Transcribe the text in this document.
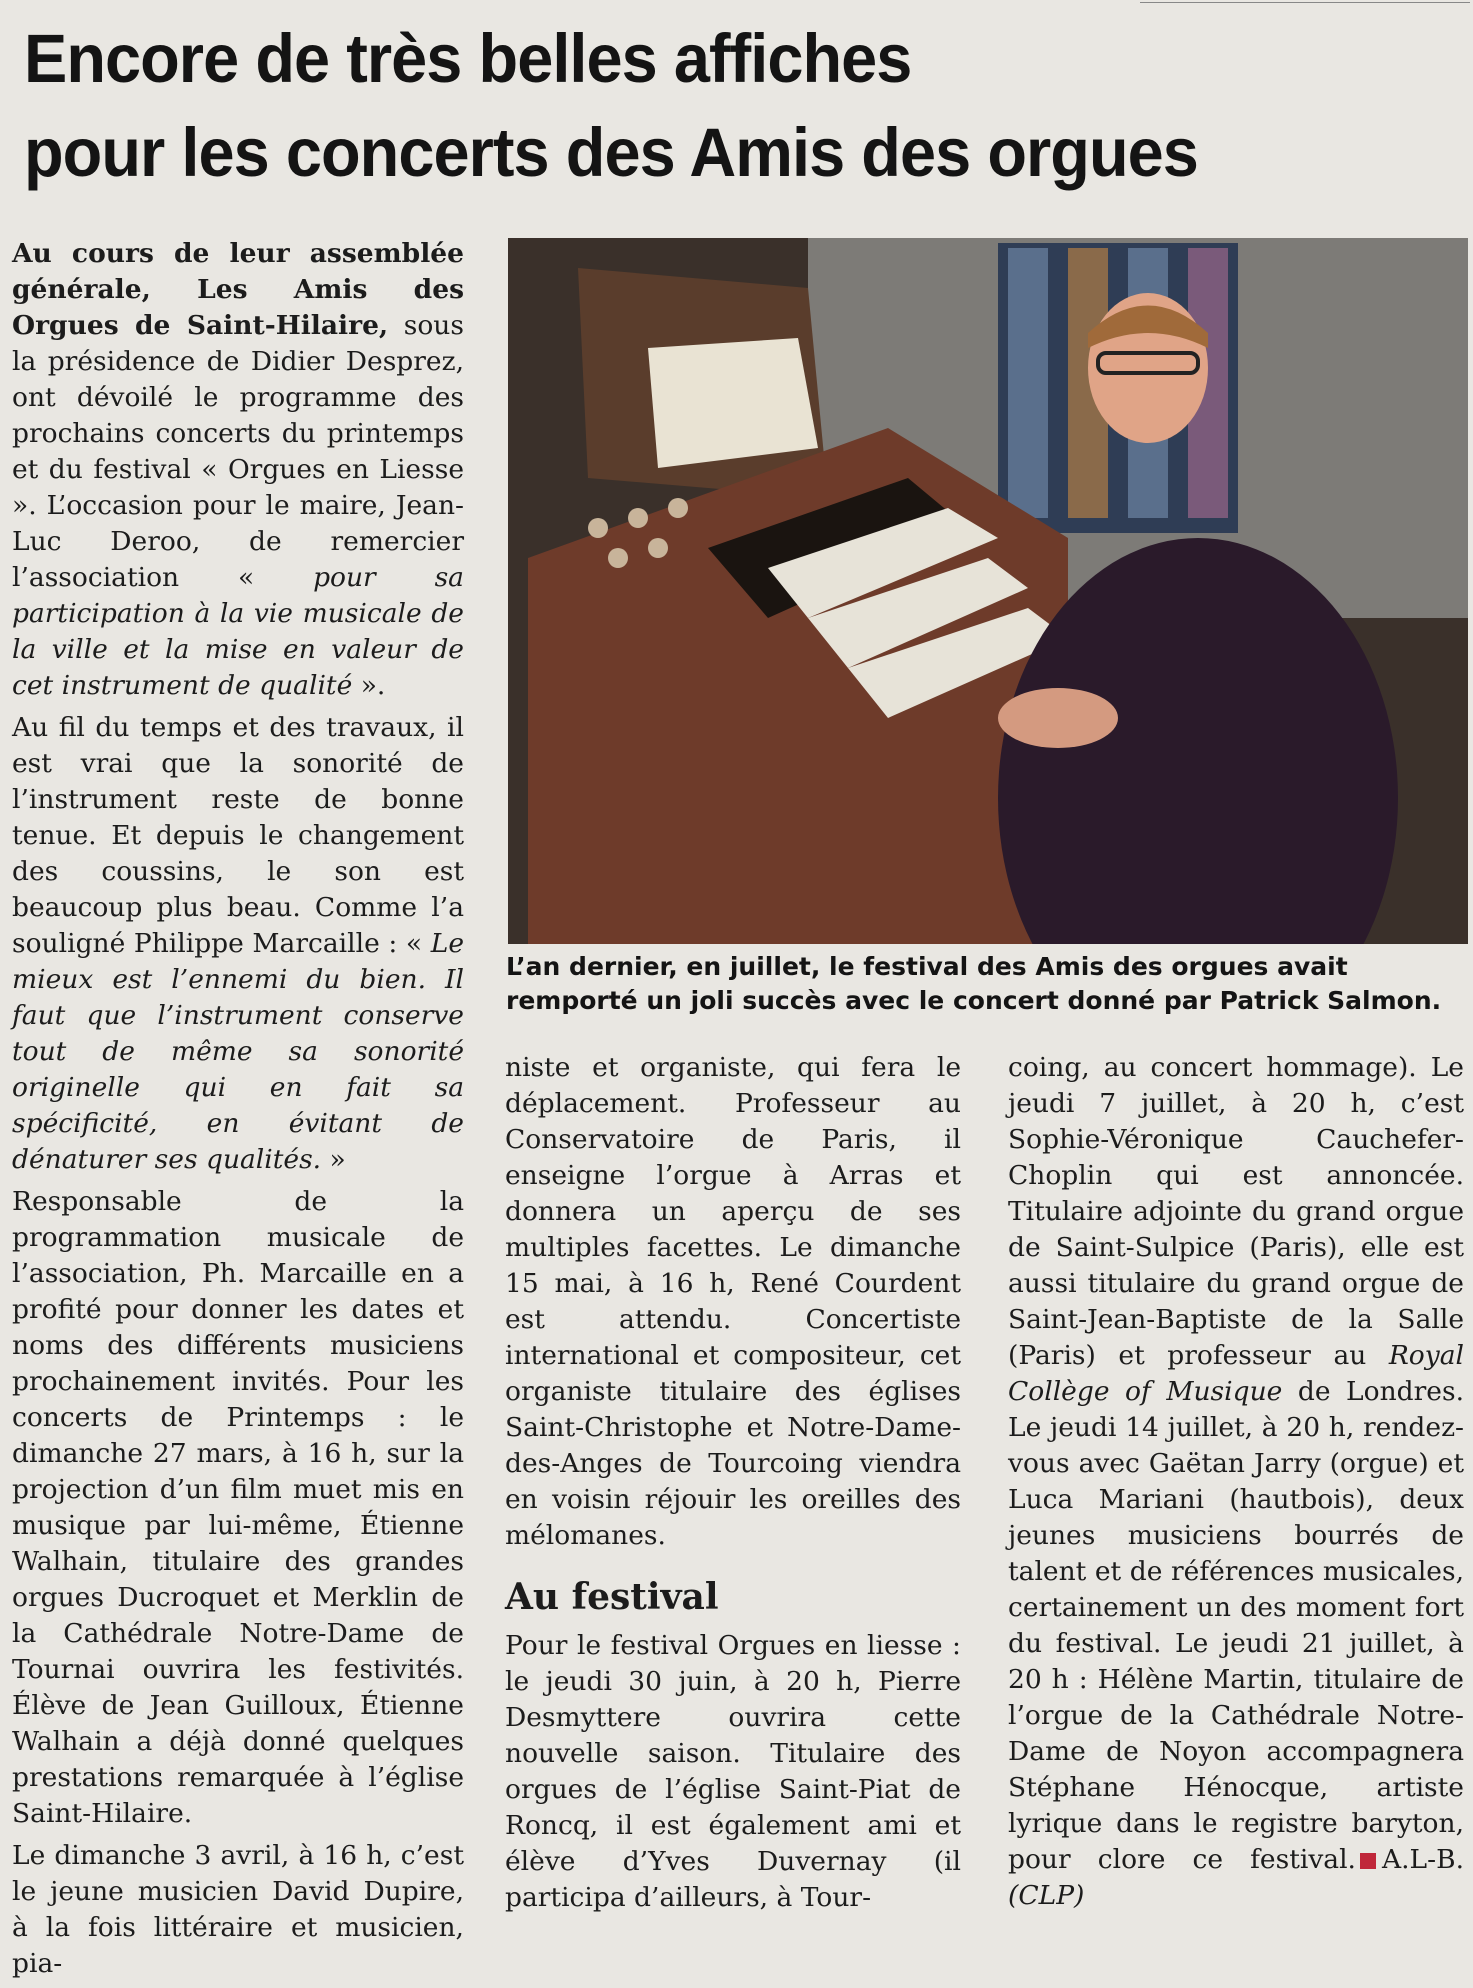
Encore de très belles affiches
pour les concerts des Amis des orgues

Au cours de leur assemblée générale, Les Amis des Orgues de Saint-Hilaire, sous la présidence de Didier Desprez, ont dévoilé le programme des prochains concerts du printemps et du festival « Orgues en Liesse ». L’occasion pour le maire, Jean-Luc Deroo, de remercier l’association « pour sa participation à la vie musicale de la ville et la mise en valeur de cet instrument de qualité ».

Au fil du temps et des travaux, il est vrai que la sonorité de l’instrument reste de bonne tenue. Et depuis le changement des coussins, le son est beaucoup plus beau. Comme l’a souligné Philippe Marcaille : « Le mieux est l’ennemi du bien. Il faut que l’instrument conserve tout de même sa sonorité originelle qui en fait sa spécificité, en évitant de dénaturer ses qualités. »

Responsable de la programmation musicale de l’association, Ph. Marcaille en a profité pour donner les dates et noms des différents musiciens prochainement invités. Pour les concerts de Printemps : le dimanche 27 mars, à 16 h, sur la projection d’un film muet mis en musique par lui-même, Étienne Walhain, titulaire des grandes orgues Ducroquet et Merklin de la Cathédrale Notre-Dame de Tournai ouvrira les festivités. Élève de Jean Guilloux, Étienne Walhain a déjà donné quelques prestations remarquée à l’église Saint-Hilaire.

Le dimanche 3 avril, à 16 h, c’est le jeune musicien David Dupire, à la fois littéraire et musicien, pia-

L’an dernier, en juillet, le festival des Amis des orgues avait
remporté un joli succès avec le concert donné par Patrick Salmon.

niste et organiste, qui fera le déplacement. Professeur au Conservatoire de Paris, il enseigne l’orgue à Arras et donnera un aperçu de ses multiples facettes. Le dimanche 15 mai, à 16 h, René Courdent est attendu. Concertiste international et compositeur, cet organiste titulaire des églises Saint-Christophe et Notre-Dame-des-Anges de Tourcoing viendra en voisin réjouir les oreilles des mélomanes.

Au festival

Pour le festival Orgues en liesse : le jeudi 30 juin, à 20 h, Pierre Desmyttere ouvrira cette nouvelle saison. Titulaire des orgues de l’église Saint-Piat de Roncq, il est également ami et élève d’Yves Duvernay (il participa d’ailleurs, à Tour-

coing, au concert hommage). Le jeudi 7 juillet, à 20 h, c’est Sophie-Véronique Cauchefer-Choplin qui est annoncée. Titulaire adjointe du grand orgue de Saint-Sulpice (Paris), elle est aussi titulaire du grand orgue de Saint-Jean-Baptiste de la Salle (Paris) et professeur au Royal Collège of Musique de Londres. Le jeudi 14 juillet, à 20 h, rendez-vous avec Gaëtan Jarry (orgue) et Luca Mariani (hautbois), deux jeunes musiciens bourrés de talent et de références musicales, certainement un des moment fort du festival. Le jeudi 21 juillet, à 20 h : Hélène Martin, titulaire de l’orgue de la Cathédrale Notre-Dame de Noyon accompagnera Stéphane Hénocque, artiste lyrique dans le registre baryton, pour clore ce festival. A.L-B. (CLP)
